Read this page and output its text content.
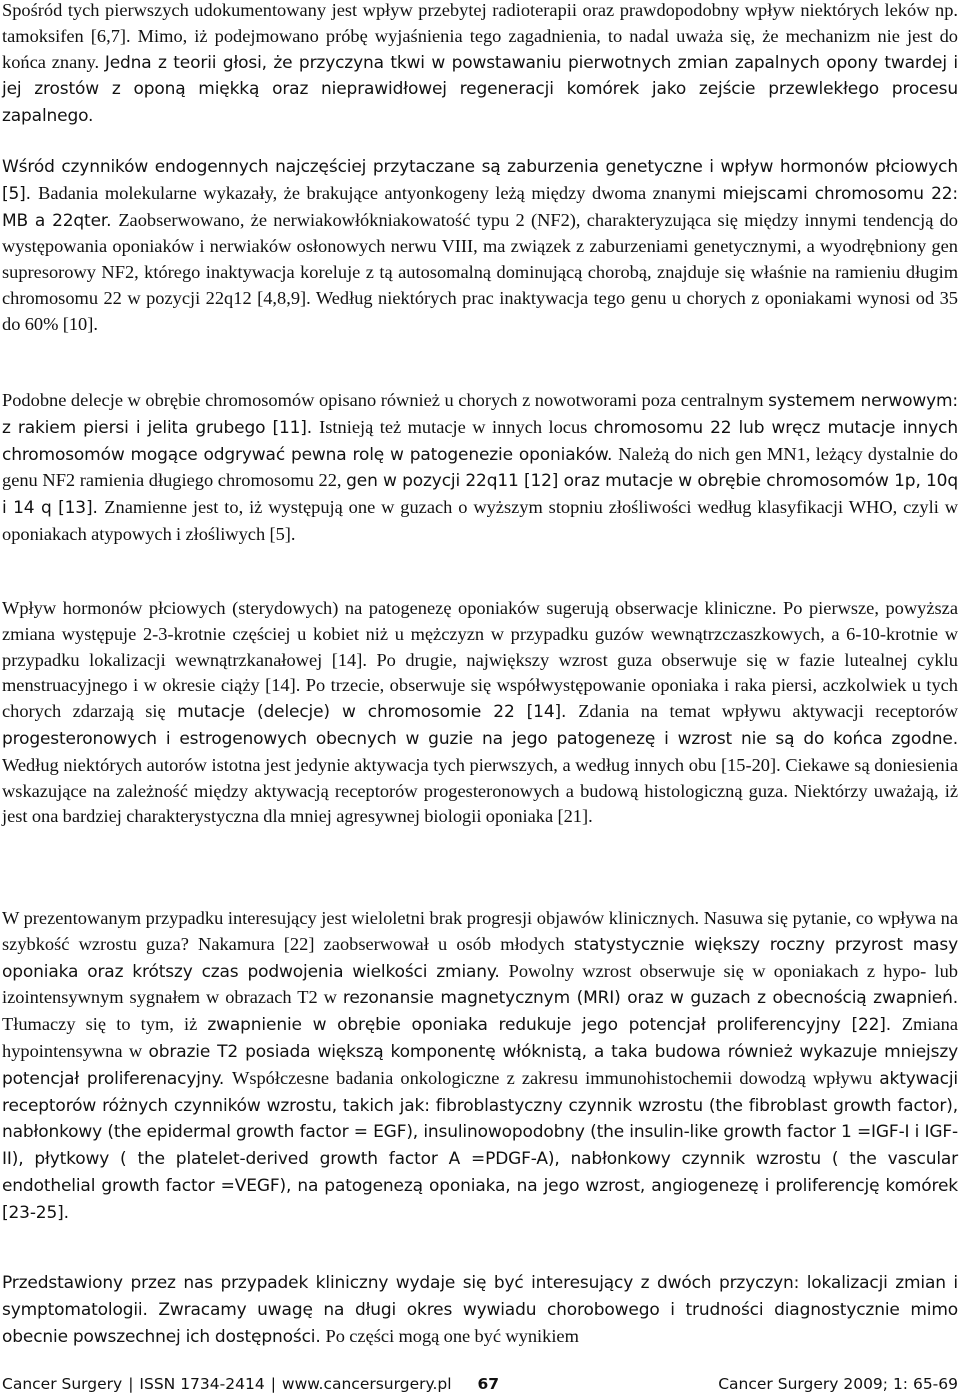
Spośród tych pierwszych udokumentowany jest wpływ przebytej radioterapii oraz prawdopodobny wpływ niektórych leków np. tamoksifen [6,7]. Mimo, iż podejmowano próbę wyjaśnienia tego zagadnienia, to nadal uważa się, że mechanizm nie jest do końca znany. Jedna z teorii głosi, że przyczyna tkwi w powstawaniu pierwotnych zmian zapalnych opony twardej i jej zrostów z oponą miękką oraz nieprawidłowej regeneracji komórek jako zejście przewlekłego procesu zapalnego.

Wśród czynników endogennych najczęściej przytaczane są zaburzenia genetyczne i wpływ hormonów płciowych [5]. Badania molekularne wykazały, że brakujące antyonkogeny leżą między dwoma znanymi miejscami chromosomu 22: MB a 22qter. Zaobserwowano, że nerwiakowłókniakowatość typu 2 (NF2), charakteryzująca się między innymi tendencją do występowania oponiaków i nerwiaków osłonowych nerwu VIII, ma związek z zaburzeniami genetycznymi, a wyodrębniony gen supresorowy NF2, którego inaktywacja koreluje z tą autosomalną dominującą chorobą, znajduje się właśnie na ramieniu długim chromosomu 22 w pozycji 22q12 [4,8,9]. Według niektórych prac inaktywacja tego genu u chorych z oponiakami wynosi od 35 do 60% [10].

Podobne delecje w obrębie chromosomów opisano również u chorych z nowotworami poza centralnym systemem nerwowym: z rakiem piersi i jelita grubego [11]. Istnieją też mutacje w innych locus chromosomu 22 lub wręcz mutacje innych chromosomów mogące odgrywać pewna rolę w patogenezie oponiaków. Należą do nich gen MN1, leżący dystalnie do genu NF2 ramienia długiego chromosomu 22, gen w pozycji 22q11 [12] oraz mutacje w obrębie chromosomów 1p, 10q i 14 q [13]. Znamienne jest to, iż występują one w guzach o wyższym stopniu złośliwości według klasyfikacji WHO, czyli w oponiakach atypowych i złośliwych [5].

Wpływ hormonów płciowych (sterydowych) na patogenezę oponiaków sugerują obserwacje kliniczne. Po pierwsze, powyższa zmiana występuje 2-3-krotnie częściej u kobiet niż u mężczyzn w przypadku guzów wewnątrzczaszkowych, a 6-10-krotnie w przypadku lokalizacji wewnątrzkanałowej [14]. Po drugie, największy wzrost guza obserwuje się w fazie lutealnej cyklu menstruacyjnego i w okresie ciąży [14]. Po trzecie, obserwuje się współwystępowanie oponiaka i raka piersi, aczkolwiek u tych chorych zdarzają się mutacje (delecje) w chromosomie 22 [14]. Zdania na temat wpływu aktywacji receptorów progesteronowych i estrogenowych obecnych w guzie na jego patogenezę i wzrost nie są do końca zgodne. Według niektórych autorów istotna jest jedynie aktywacja tych pierwszych, a według innych obu [15-20]. Ciekawe są doniesienia wskazujące na zależność między aktywacją receptorów progesteronowych a budową histologiczną guza. Niektórzy uważają, iż jest ona bardziej charakterystyczna dla mniej agresywnej biologii oponiaka [21].

W prezentowanym przypadku interesujący jest wieloletni brak progresji objawów klinicznych. Nasuwa się pytanie, co wpływa na szybkość wzrostu guza? Nakamura [22] zaobserwował u osób młodych statystycznie większy roczny przyrost masy oponiaka oraz krótszy czas podwojenia wielkości zmiany. Powolny wzrost obserwuje się w oponiakach z hypo- lub izointensywnym sygnałem w obrazach T2 w rezonansie magnetycznym (MRI) oraz w guzach z obecnością zwapnień. Tłumaczy się to tym, iż zwapnienie w obrębie oponiaka redukuje jego potencjał proliferencyjny [22]. Zmiana hypointensywna w obrazie T2 posiada większą komponentę włóknistą, a taka budowa również wykazuje mniejszy potencjał proliferenacyjny. Współczesne badania onkologiczne z zakresu immunohistochemii dowodzą wpływu aktywacji receptorów różnych czynników wzrostu, takich jak: fibroblastyczny czynnik wzrostu (the fibroblast growth factor), nabłonkowy (the epidermal growth factor = EGF), insulinowopodobny (the insulin-like growth factor 1 =IGF-I i IGF-II), płytkowy ( the platelet-derived growth factor A =PDGF-A), nabłonkowy czynnik wzrostu ( the vascular endothelial growth factor =VEGF), na patogenezą oponiaka, na jego wzrost, angiogenezę i proliferencję komórek [23-25].

Przedstawiony przez nas przypadek kliniczny wydaje się być interesujący z dwóch przyczyn: lokalizacji zmian i symptomatologii. Zwracamy uwagę na długi okres wywiadu chorobowego i trudności diagnostycznie mimo obecnie powszechnej ich dostępności. Po części mogą one być wynikiem

Cancer Surgery | ISSN 1734-2414 | www.cancersurgery.pl 67	Cancer Surgery 2009; 1: 65-69
